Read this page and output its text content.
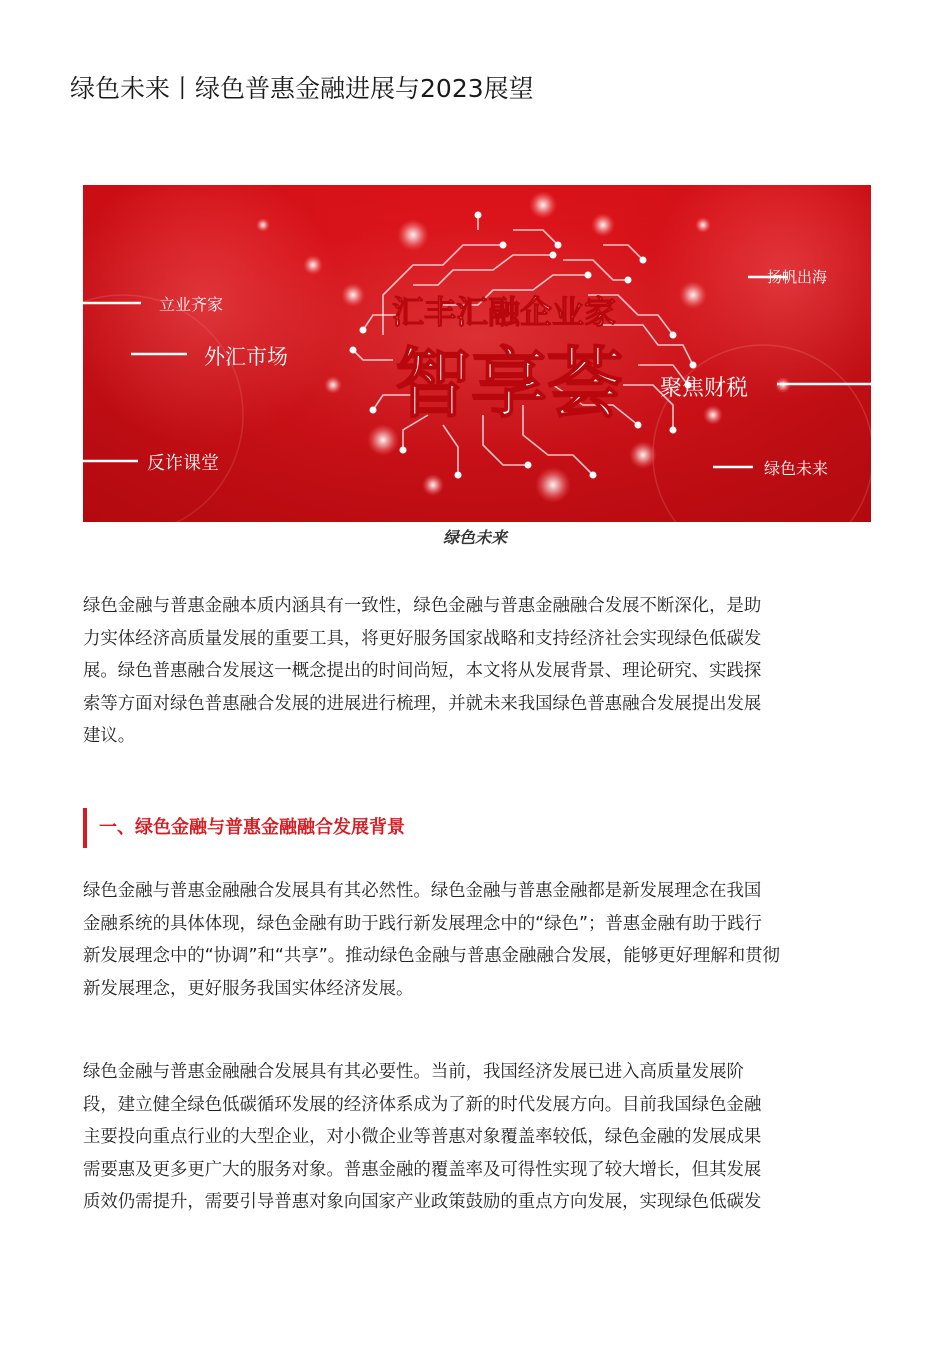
绿色未来丨绿色普惠金融进展与2023展望
立业齐家
外汇市场
反诈课堂
扬帆出海
聚焦财税
绿色未来
汇丰汇融企业家
智享荟
绿色未来

绿色金融与普惠金融本质内涵具有一致性，绿色金融与普惠金融融合发展不断深化，是助
力实体经济高质量发展的重要工具，将更好服务国家战略和支持经济社会实现绿色低碳发
展。绿色普惠融合发展这一概念提出的时间尚短，本文将从发展背景、理论研究、实践探
索等方面对绿色普惠融合发展的进展进行梳理，并就未来我国绿色普惠融合发展提出发展
建议。

一、绿色金融与普惠金融融合发展背景

绿色金融与普惠金融融合发展具有其必然性。绿色金融与普惠金融都是新发展理念在我国
金融系统的具体体现，绿色金融有助于践行新发展理念中的“绿色”；普惠金融有助于践行
新发展理念中的“协调”和“共享”。推动绿色金融与普惠金融融合发展，能够更好理解和贯彻
新发展理念，更好服务我国实体经济发展。

绿色金融与普惠金融融合发展具有其必要性。当前，我国经济发展已进入高质量发展阶
段，建立健全绿色低碳循环发展的经济体系成为了新的时代发展方向。目前我国绿色金融
主要投向重点行业的大型企业，对小微企业等普惠对象覆盖率较低，绿色金融的发展成果
需要惠及更多更广大的服务对象。普惠金融的覆盖率及可得性实现了较大增长，但其发展
质效仍需提升，需要引导普惠对象向国家产业政策鼓励的重点方向发展，实现绿色低碳发
